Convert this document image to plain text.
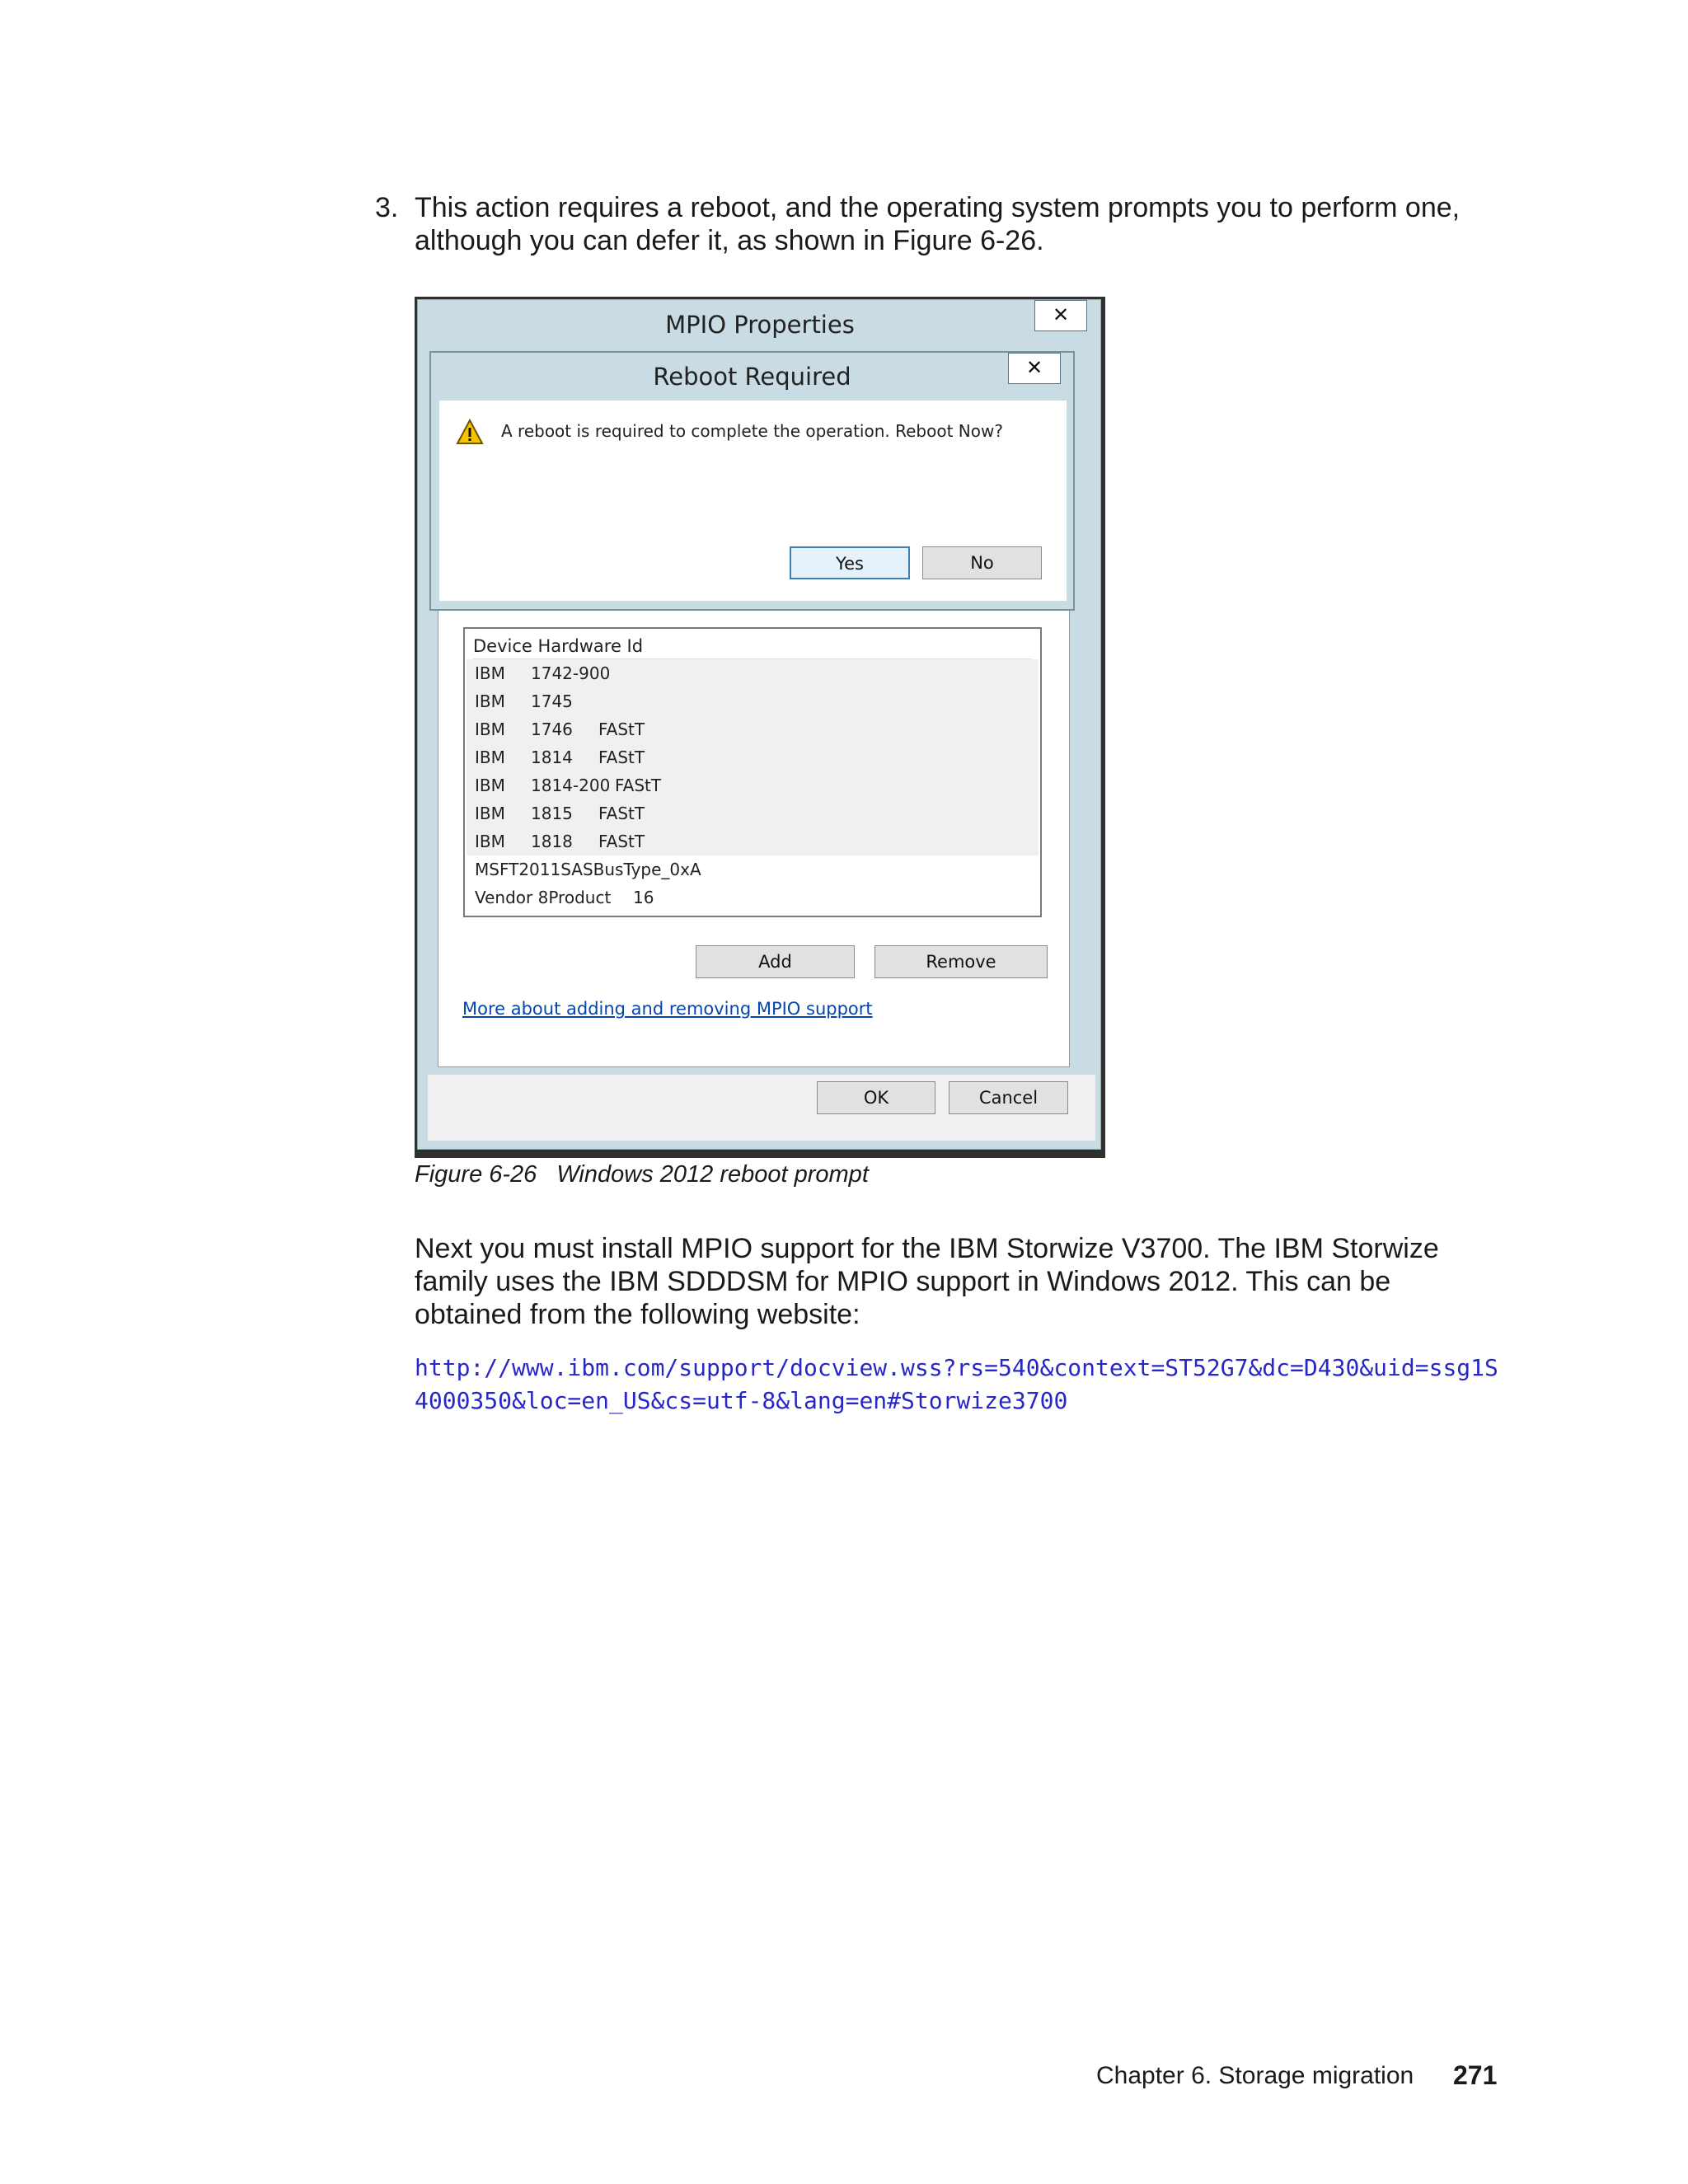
3. This action requires a reboot, and the operating system prompts you to perform one, although you can defer it, as shown in Figure 6-26.
MPIO Properties	✕
Device Hardware Id
IBM 1742-900
IBM 1745
IBM 1746 FAStT
IBM 1814 FAStT
IBM 1814-200 FAStT
IBM 1815 FAStT
IBM 1818 FAStT
MSFT2011SASBusType_0xA
Vendor 8Product 16
Add	Remove
More about adding and removing MPIO support
OK	Cancel
Reboot Required	✕
A reboot is required to complete the operation. Reboot Now?
Yes	No
Figure 6-26 Windows 2012 reboot prompt
Next you must install MPIO support for the IBM Storwize V3700. The IBM Storwize family uses the IBM SDDDSM for MPIO support in Windows 2012. This can be obtained from the following website:
http://www.ibm.com/support/docview.wss?rs=540&context=ST52G7&dc=D430&uid=ssg1S4000350&loc=en_US&cs=utf-8&lang=en#Storwize3700
Chapter 6. Storage migration 271
